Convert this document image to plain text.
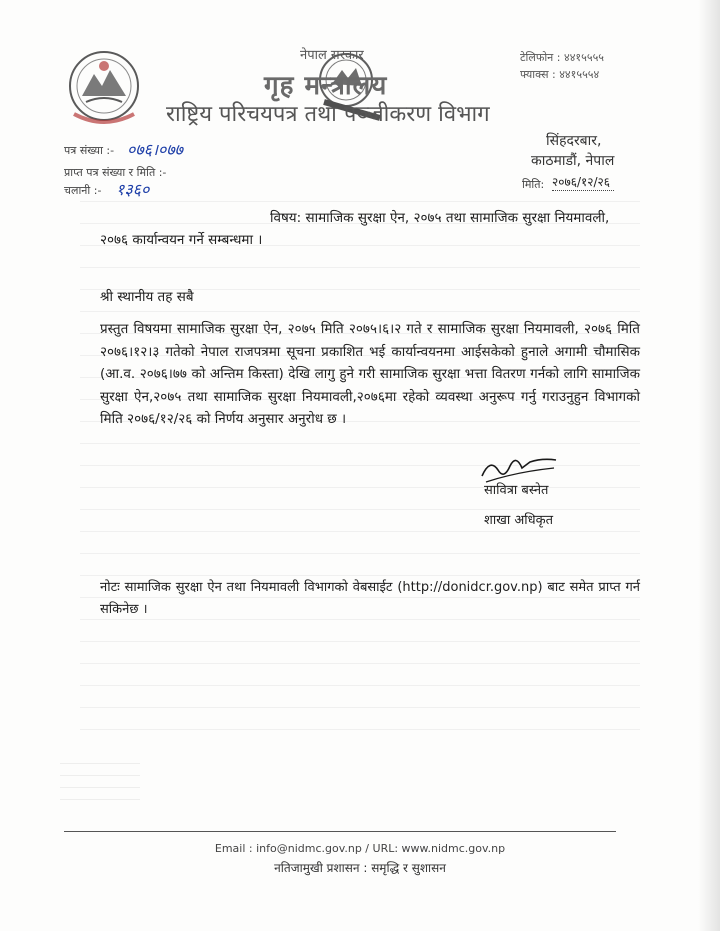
नेपाल सरकार
गृह मन्त्रालय
राष्ट्रिय परिचयपत्र तथा पञ्जीकरण विभाग
टेलिफोन : ४४१५५५५
फ्याक्स : ४४१५५५४
पत्र संख्या :- ०७६।०७७
प्राप्त पत्र संख्या र मिति :-
चलानी :- १३६०
सिंहदरबार,
काठमाडौं, नेपाल
मिति: २०७६/१२/२६
विषय: सामाजिक सुरक्षा ऐन, २०७५ तथा सामाजिक सुरक्षा नियमावली, २०७६ कार्यान्वयन गर्ने सम्बन्धमा ।
श्री स्थानीय तह सबै
प्रस्तुत विषयमा सामाजिक सुरक्षा ऐन, २०७५ मिति २०७५।६।२ गते र सामाजिक सुरक्षा नियमावली, २०७६ मिति २०७६।१२।३ गतेको नेपाल राजपत्रमा सूचना प्रकाशित भई कार्यान्वयनमा आईसकेको हुनाले अगामी चौमासिक (आ.व. २०७६।७७ को अन्तिम किस्ता) देखि लागु हुने गरी सामाजिक सुरक्षा भत्ता वितरण गर्नको लागि सामाजिक सुरक्षा ऐन,२०७५ तथा सामाजिक सुरक्षा नियमावली,२०७६मा रहेको व्यवस्था अनुरूप गर्नु गराउनुहुन विभागको मिति २०७६/१२/२६ को निर्णय अनुसार अनुरोध छ ।
सावित्रा बस्नेत
शाखा अधिकृत
नोटः सामाजिक सुरक्षा ऐन तथा नियमावली विभागको वेबसाईट (http://donidcr.gov.np) बाट समेत प्राप्त गर्न सकिनेछ ।
Email : info@nidmc.gov.np / URL: www.nidmc.gov.np
नतिजामुखी प्रशासन : समृद्धि र सुशासन
